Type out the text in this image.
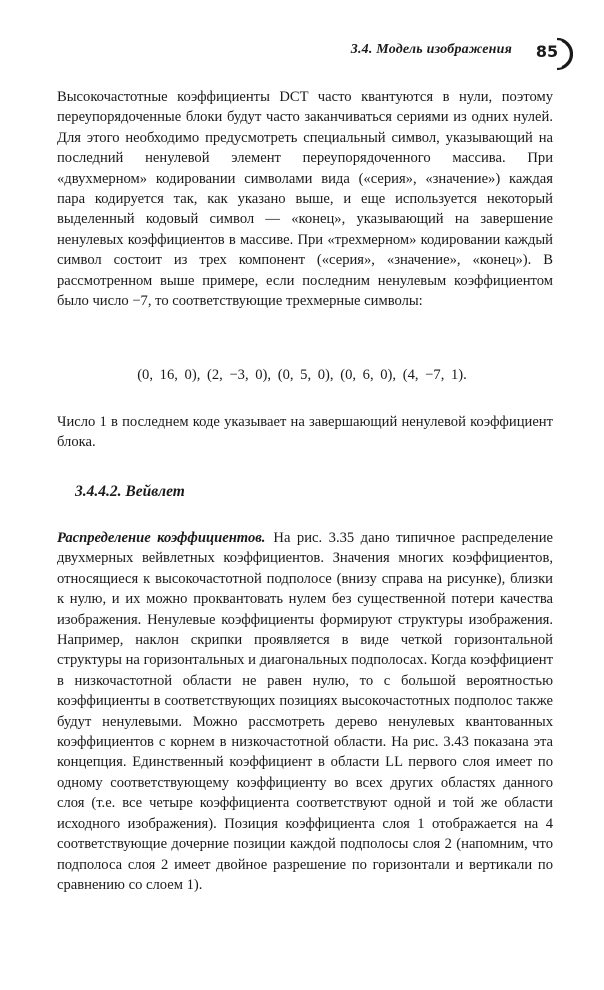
3.4. Модель изображения 85
Высокочастотные коэффициенты DCT часто квантуются в нули, поэтому переупорядоченные блоки будут часто заканчиваться сериями из одних нулей. Для этого необходимо предусмотреть специальный символ, указывающий на последний ненулевой элемент переупорядоченного массива. При «двухмерном» кодировании символами вида («серия», «значение») каждая пара кодируется так, как указано выше, и еще используется некоторый выделенный кодовый символ — «конец», указывающий на завершение ненулевых коэффициентов в массиве. При «трехмерном» кодировании каждый символ состоит из трех компонент («серия», «значение», «конец»). В рассмотренном выше примере, если последним ненулевым коэффициентом было число −7, то соответствующие трехмерные символы:
(0, 16, 0), (2, −3, 0), (0, 5, 0), (0, 6, 0), (4, −7, 1).
Число 1 в последнем коде указывает на завершающий ненулевой коэффициент блока.
3.4.4.2. Вейвлет
Распределение коэффициентов. На рис. 3.35 дано типичное распределение двухмерных вейвлетных коэффициентов. Значения многих коэффициентов, относящиеся к высокочастотной подполосе (внизу справа на рисунке), близки к нулю, и их можно проквантовать нулем без существенной потери качества изображения. Ненулевые коэффициенты формируют структуры изображения. Например, наклон скрипки проявляется в виде четкой горизонтальной структуры на горизонтальных и диагональных подполосах. Когда коэффициент в низкочастотной области не равен нулю, то с большой вероятностью коэффициенты в соответствующих позициях высокочастотных подполос также будут ненулевыми. Можно рассмотреть дерево ненулевых квантованных коэффициентов с корнем в низкочастотной области. На рис. 3.43 показана эта концепция. Единственный коэффициент в области LL первого слоя имеет по одному соответствующему коэффициенту во всех других областях данного слоя (т.е. все четыре коэффициента соответствуют одной и той же области исходного изображения). Позиция коэффициента слоя 1 отображается на 4 соответствующие дочерние позиции каждой подполосы слоя 2 (напомним, что подполоса слоя 2 имеет двойное разрешение по горизонтали и вертикали по сравнению со слоем 1).
